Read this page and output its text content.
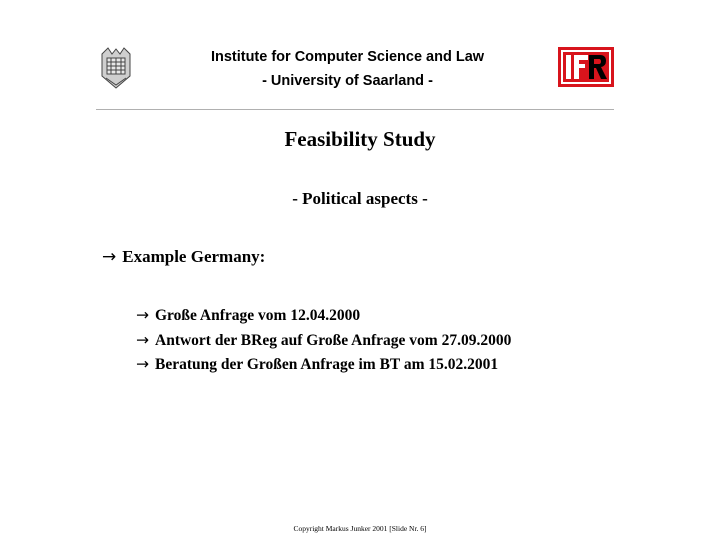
Institute for Computer Science and Law
- University of Saarland -
Feasibility Study
- Political aspects -
→ Example Germany:
→ Große Anfrage vom 12.04.2000
→ Antwort der BReg auf Große Anfrage vom 27.09.2000
→ Beratung der Großen Anfrage im BT am 15.02.2001
Copyright Markus Junker 2001 [Slide Nr. 6]
